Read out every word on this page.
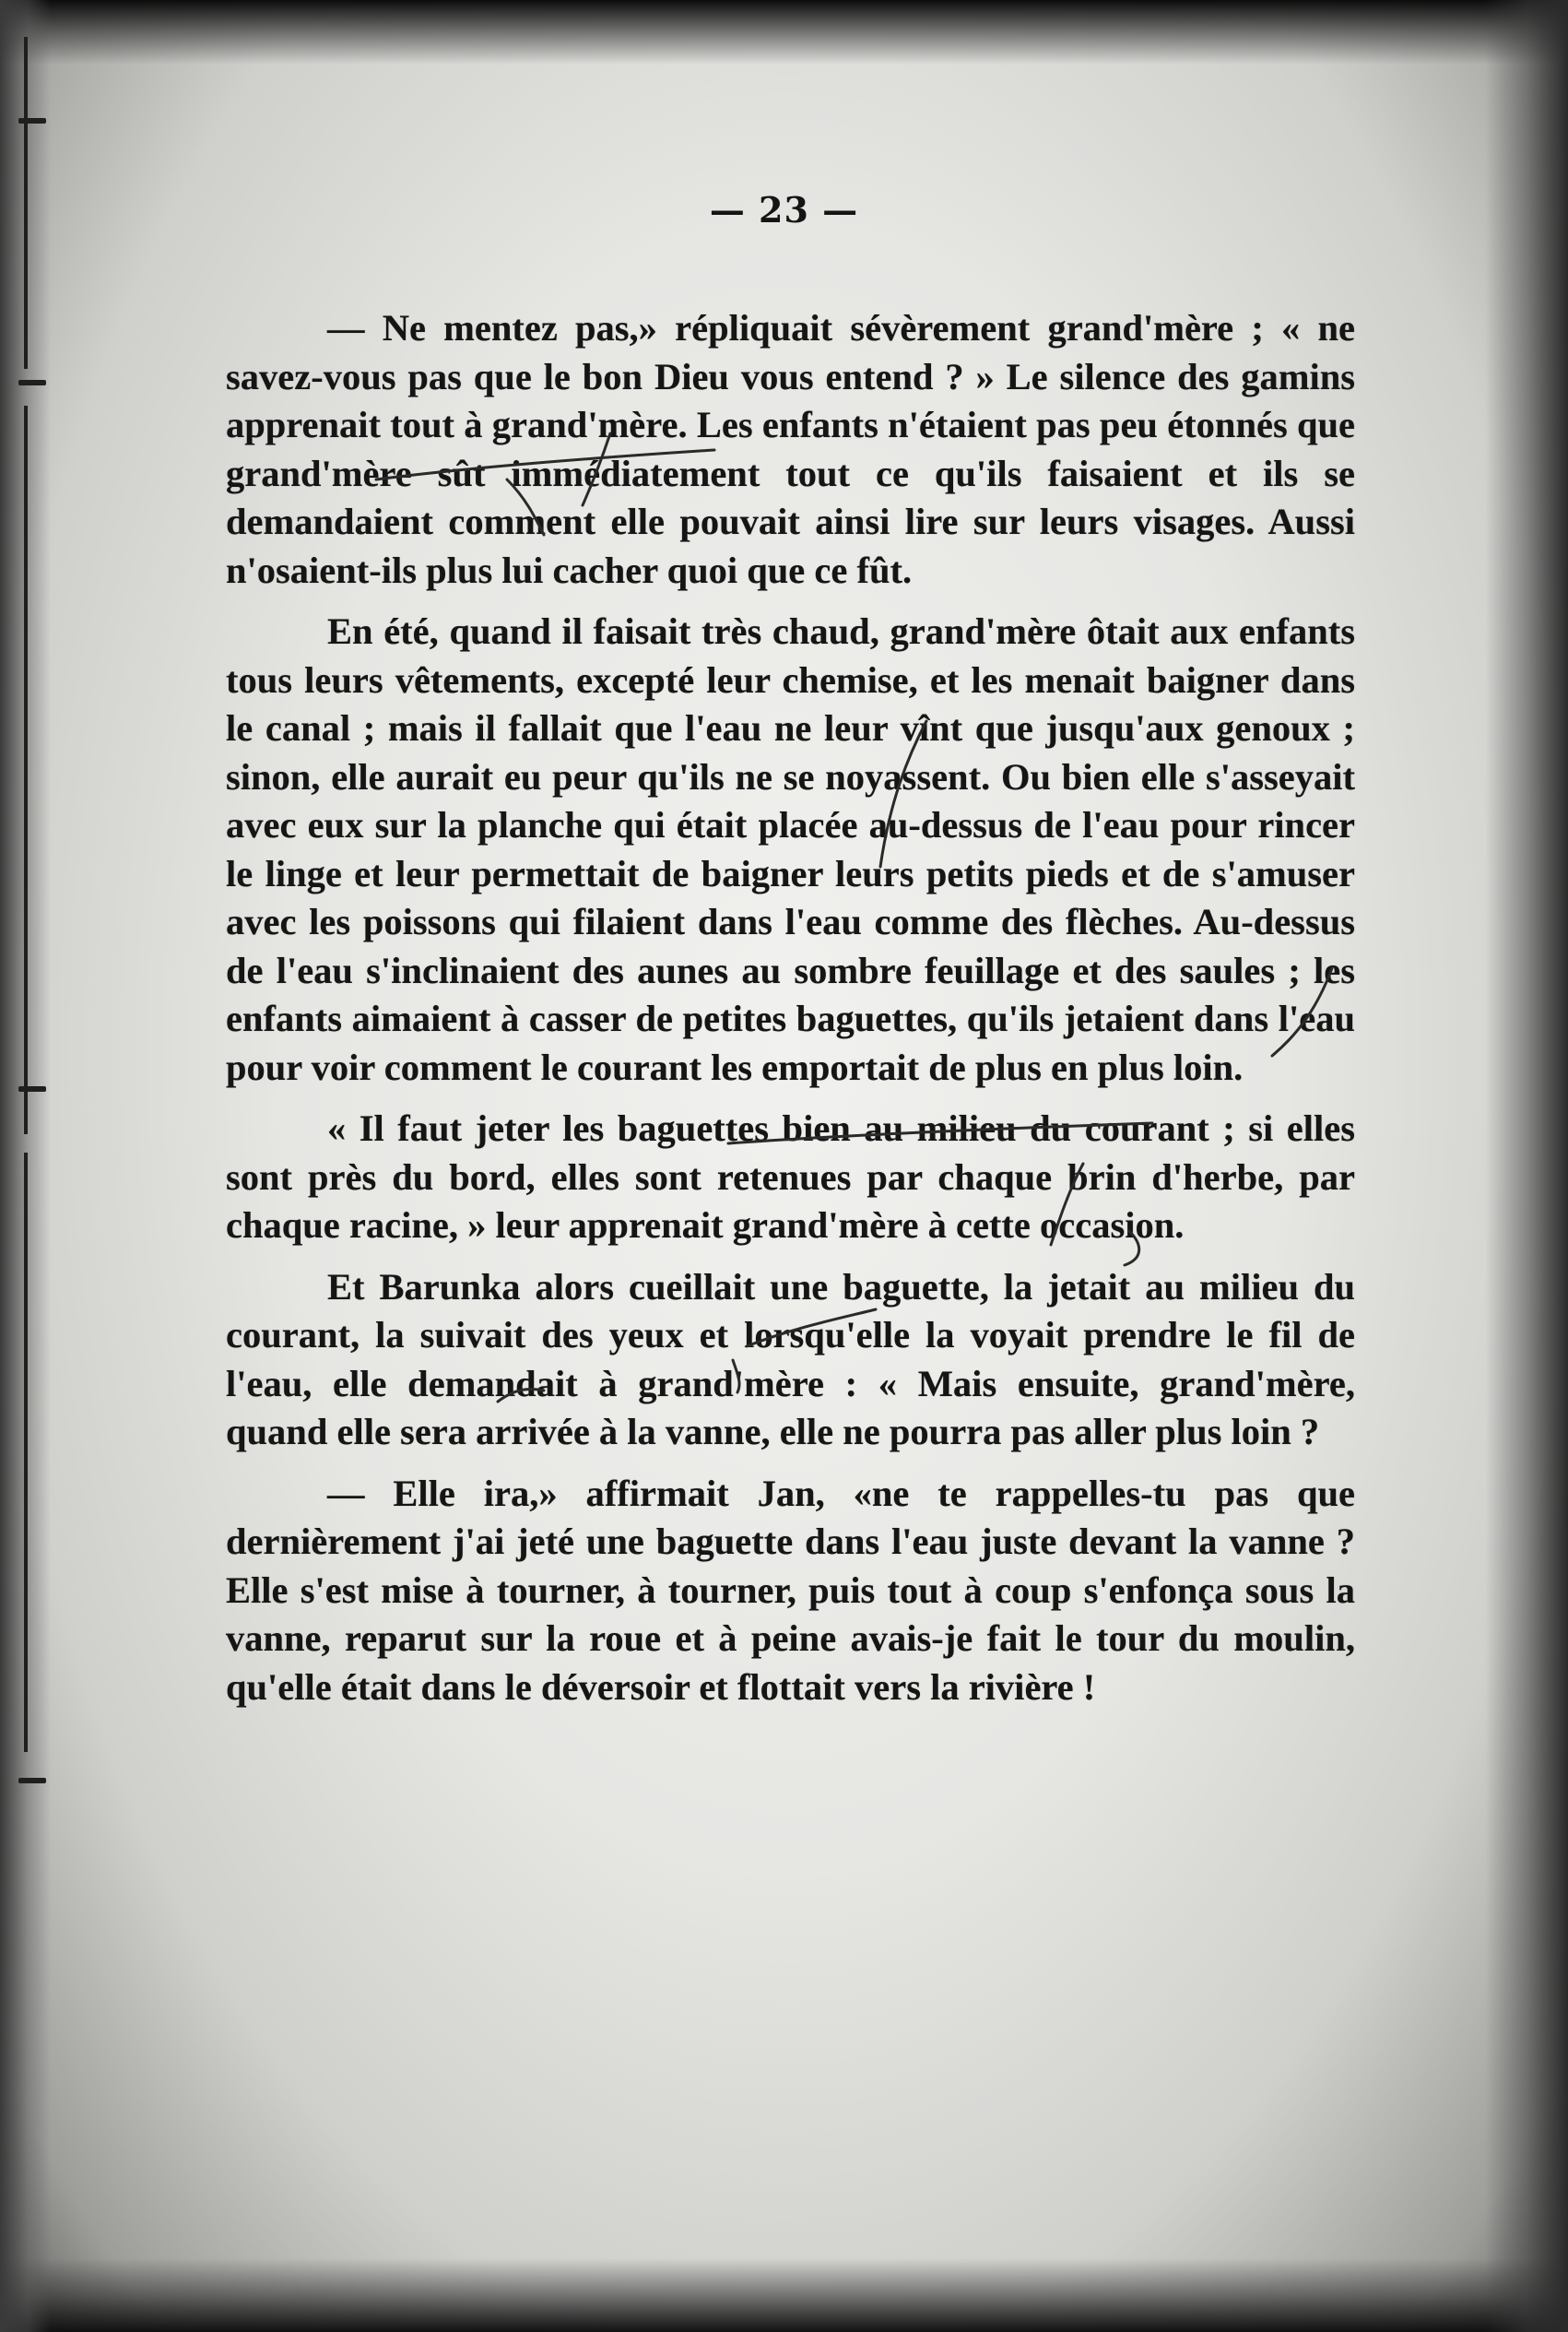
— 23 —

— Ne mentez pas,» répliquait sévèrement grand'mère ; « ne savez-vous pas que le bon Dieu vous entend ? » Le silence des gamins apprenait tout à grand'mère. Les enfants n'étaient pas peu étonnés que grand'mère sût immédiatement tout ce qu'ils faisaient et ils se demandaient comment elle pouvait ainsi lire sur leurs visages. Aussi n'osaient-ils plus lui cacher quoi que ce fût.

En été, quand il faisait très chaud, grand'mère ôtait aux enfants tous leurs vêtements, excepté leur chemise, et les menait baigner dans le canal ; mais il fallait que l'eau ne leur vînt que jusqu'aux genoux ; sinon, elle aurait eu peur qu'ils ne se noyassent. Ou bien elle s'asseyait avec eux sur la planche qui était placée au-dessus de l'eau pour rincer le linge et leur permettait de baigner leurs petits pieds et de s'amuser avec les poissons qui filaient dans l'eau comme des flèches. Au-dessus de l'eau s'inclinaient des aunes au sombre feuillage et des saules ; les enfants aimaient à casser de petites baguettes, qu'ils jetaient dans l'eau pour voir comment le courant les emportait de plus en plus loin.

« Il faut jeter les baguettes bien au milieu du courant ; si elles sont près du bord, elles sont retenues par chaque brin d'herbe, par chaque racine, » leur apprenait grand'mère à cette occasion.

Et Barunka alors cueillait une baguette, la jetait au milieu du courant, la suivait des yeux et lorsqu'elle la voyait prendre le fil de l'eau, elle demandait à grand'mère : « Mais ensuite, grand'mère, quand elle sera arrivée à la vanne, elle ne pourra pas aller plus loin ?

— Elle ira,» affirmait Jan, «ne te rappelles-tu pas que dernièrement j'ai jeté une baguette dans l'eau juste devant la vanne ? Elle s'est mise à tourner, à tourner, puis tout à coup s'enfonça sous la vanne, reparut sur la roue et à peine avais-je fait le tour du moulin, qu'elle était dans le déversoir et flottait vers la rivière !
